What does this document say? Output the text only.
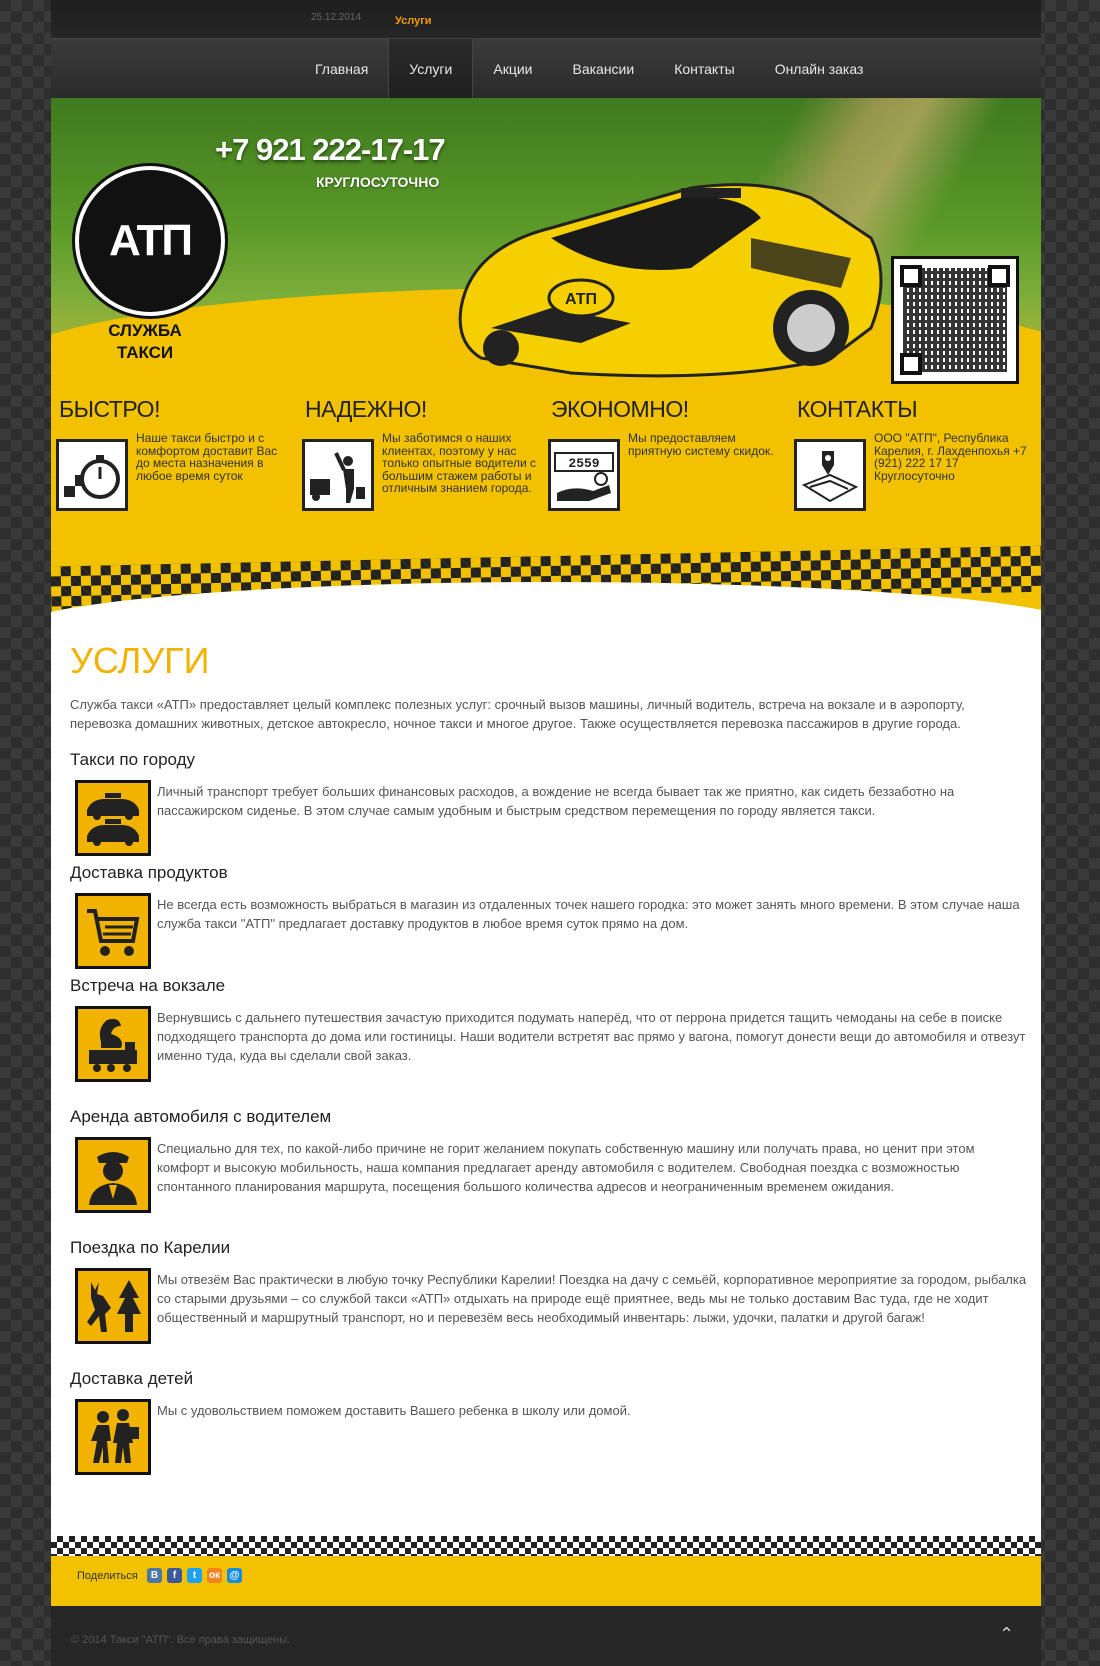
25.12.2014	Услуги
Главная	Услуги	Акции	Вакансии	Контакты	Онлайн заказ
+7 921 222-17-17
КРУГЛОСУТОЧНО
АТП
СЛУЖБА
ТАКСИ
АТП
БЫСТРО!

Наше такси быстро и с комфортом доставит Вас до места назначения в любое время суток

НАДЕЖНО!

Мы заботимся о наших клиентах, поэтому у нас только опытные водители с большим стажем работы и отличным знанием города.

ЭКОНОМНО!
2559

Мы предоставляем приятную систему скидок.

КОНТАКТЫ

ООО "АТП", Республика Карелия, г. Лахденпохья +7 (921) 222 17 17 Круглосуточно

УСЛУГИ

Служба такси «АТП» предоставляет целый комплекс полезных услуг: срочный вызов машины, личный водитель, встреча на вокзале и в аэропорту, перевозка домашних животных, детское автокресло, ночное такси и многое другое. Также осуществляется перевозка пассажиров в другие города.

Такси по городу

Личный транспорт требует больших финансовых расходов, а вождение не всегда бывает так же приятно, как сидеть беззаботно на пассажирском сиденье. В этом случае самым удобным и быстрым средством перемещения по городу является такси.

Доставка продуктов

Не всегда есть возможность выбраться в магазин из отдаленных точек нашего городка: это может занять много времени. В этом случае наша служба такси "АТП" предлагает доставку продуктов в любое время суток прямо на дом.

Встреча на вокзале

Вернувшись с дальнего путешествия зачастую приходится подумать наперёд, что от перрона придется тащить чемоданы на себе в поиске подходящего транспорта до дома или гостиницы. Наши водители встретят вас прямо у вагона, помогут донести вещи до автомобиля и отвезут именно туда, куда вы сделали свой заказ.

Аренда автомобиля с водителем

Специально для тех, по какой-либо причине не горит желанием покупать собственную машину или получать права, но ценит при этом комфорт и высокую мобильность, наша компания предлагает аренду автомобиля с водителем. Свободная поездка с возможностью спонтанного планирования маршрута, посещения большого количества адресов и неограниченным временем ожидания.

Поездка по Карелии

Мы отвезём Вас практически в любую точку Республики Карелии! Поездка на дачу с семьёй, корпоративное мероприятие за городом, рыбалка со старыми друзьями – со службой такси «АТП» отдыхать на природе ещё приятнее, ведь мы не только доставим Вас туда, где не ходит общественный и маршрутный транспорт, но и перевезём весь необходимый инвентарь: лыжи, удочки, палатки и другой багаж!

Доставка детей

Мы с удовольствием поможем доставить Вашего ребенка в школу или домой.

Поделиться	В	f	t	ок @
© 2014 Такси "АТП". Все права защищены.	⌃
